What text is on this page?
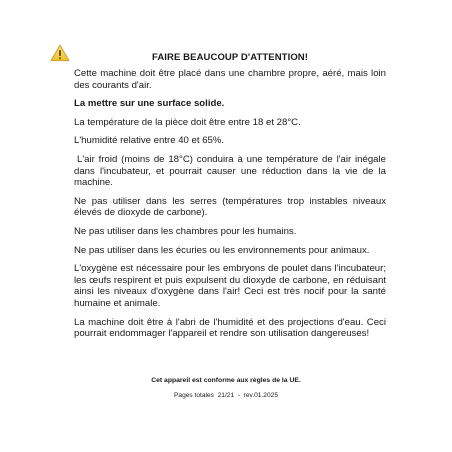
FAIRE BEAUCOUP D'ATTENTION!

Cette machine doit être placé dans une chambre propre, aéré, mais loin des courants d'air.

La mettre sur une surface solide.

La température de la pièce doit être entre 18 et 28°C.

L'humidité relative entre 40 et 65%.

L'air froid (moins de 18°C) conduira à une température de l'air inégale dans l'incubateur, et pourrait causer une réduction dans la vie de la machine.

Ne pas utiliser dans les serres (températures trop instables niveaux élevés de dioxyde de carbone).

Ne pas utiliser dans les chambres pour les humains.

Ne pas utiliser dans les écuries ou les environnements pour animaux.

L'oxygène est nécessaire pour les embryons de poulet dans l'incubateur; les œufs respirent et puis expulsent du dioxyde de carbone, en réduisant ainsi les niveaux d'oxygène dans l'air! Ceci est très nocif pour la santé humaine et animale.

La machine doit être à l'abri de l'humidité et des projections d'eau. Ceci pourrait endommager l'appareil et rendre son utilisation dangereuses!

Cet appareil est conforme aux règles de la UE.
Pages totales  21/21  -  rev.01.2025
